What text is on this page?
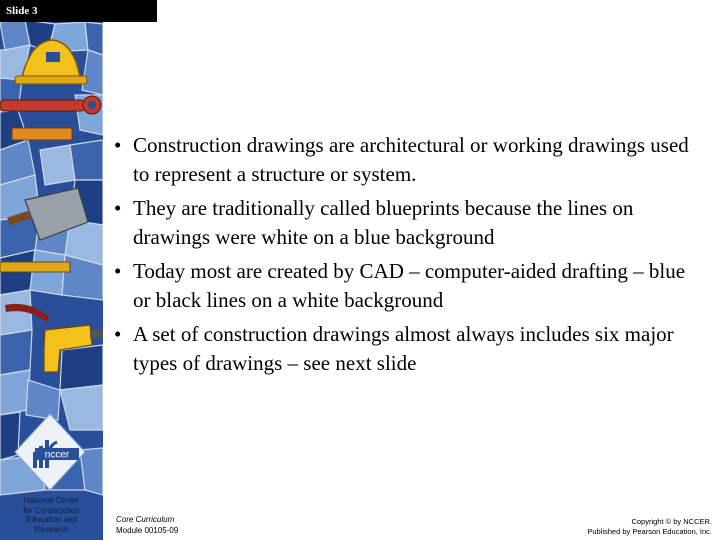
Slide 3
nccer
National Center
for Construction
Education and
Research
• Construction drawings are architectural or working drawings used to represent a structure or system.
• They are traditionally called blueprints because the lines on drawings were white on a blue background
• Today most are created by CAD – computer-aided drafting – blue or black lines on a white background
• A set of construction drawings almost always includes six major types of drawings – see next slide
Core Curriculum
Module 00105-09
Copyright © by NCCER.
Published by Pearson Education, Inc.
